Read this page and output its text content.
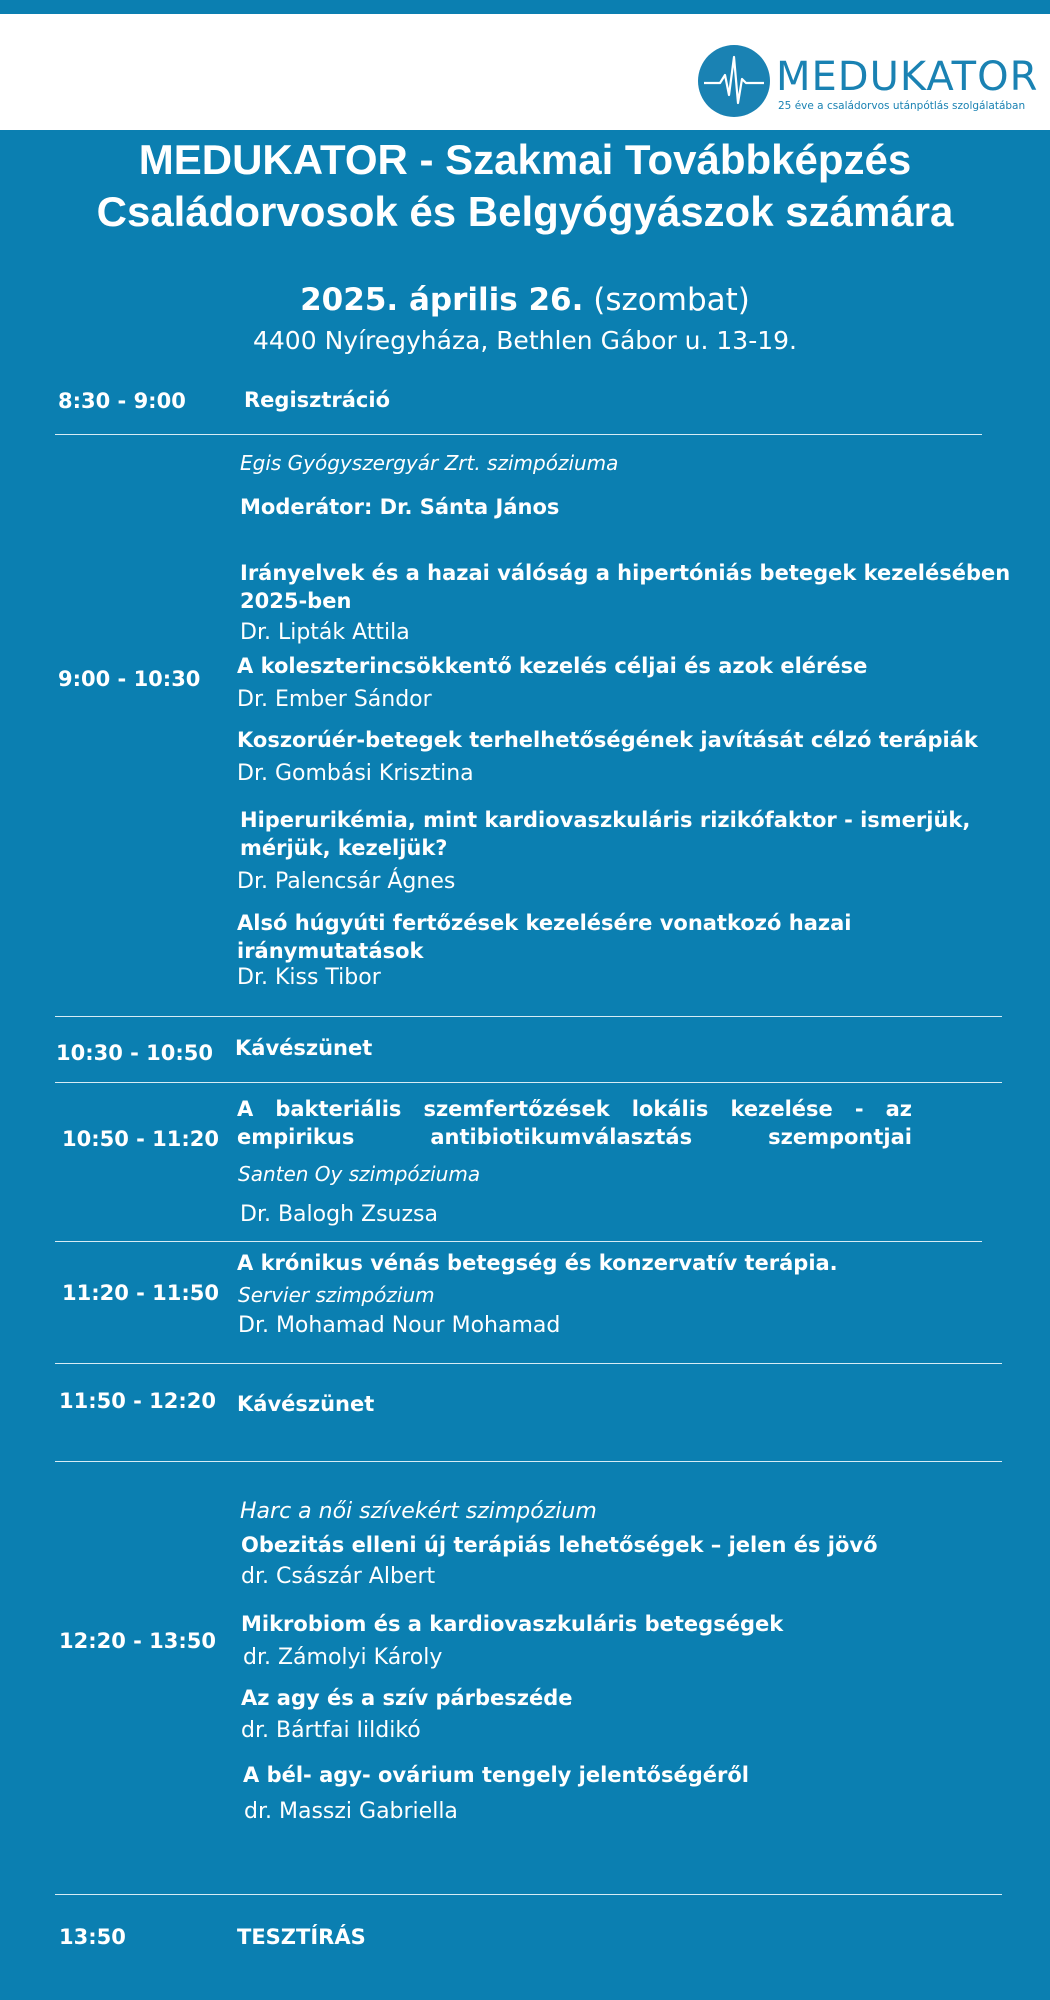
MEDUKATOR
25 éve a családorvos utánpótlás szolgálatában
MEDUKATOR - Szakmai Továbbképzés
Családorvosok és Belgyógyászok számára
2025. április 26. (szombat)
4400 Nyíregyháza, Bethlen Gábor u. 13-19.
8:30 - 9:00	Regisztráció
9:00 - 10:30
Egis Gyógyszergyár Zrt. szimpóziuma
Moderátor: Dr. Sánta János
Irányelvek és a hazai válóság a hipertóniás betegek kezelésében 2025-ben
Dr. Lipták Attila
A koleszterincsökkentő kezelés céljai és azok elérése
Dr. Ember Sándor
Koszorúér-betegek terhelhetőségének javítását célzó terápiák
Dr. Gombási Krisztina
Hiperurikémia, mint kardiovaszkuláris rizikófaktor - ismerjük, mérjük, kezeljük?
Dr. Palencsár Ágnes
Alsó húgyúti fertőzések kezelésére vonatkozó hazai iránymutatások
Dr. Kiss Tibor
10:30 - 10:50 Kávészünet
10:50 - 11:20
A bakteriális szemfertőzések lokális kezelése - az empirikus antibiotikumválasztás szempontjai
Santen Oy szimpóziuma
Dr. Balogh Zsuzsa
11:20 - 11:50
A krónikus vénás betegség és konzervatív terápia.
Servier szimpózium
Dr. Mohamad Nour Mohamad
11:50 - 12:20 Kávészünet
12:20 - 13:50
Harc a női szívekért szimpózium
Obezitás elleni új terápiás lehetőségek – jelen és jövő
dr. Császár Albert
Mikrobiom és a kardiovaszkuláris betegségek
dr. Zámolyi Károly
Az agy és a szív párbeszéde
dr. Bártfai Iildikó
A bél- agy- ovárium tengely jelentőségéről
dr. Masszi Gabriella
13:50	TESZTÍRÁS
